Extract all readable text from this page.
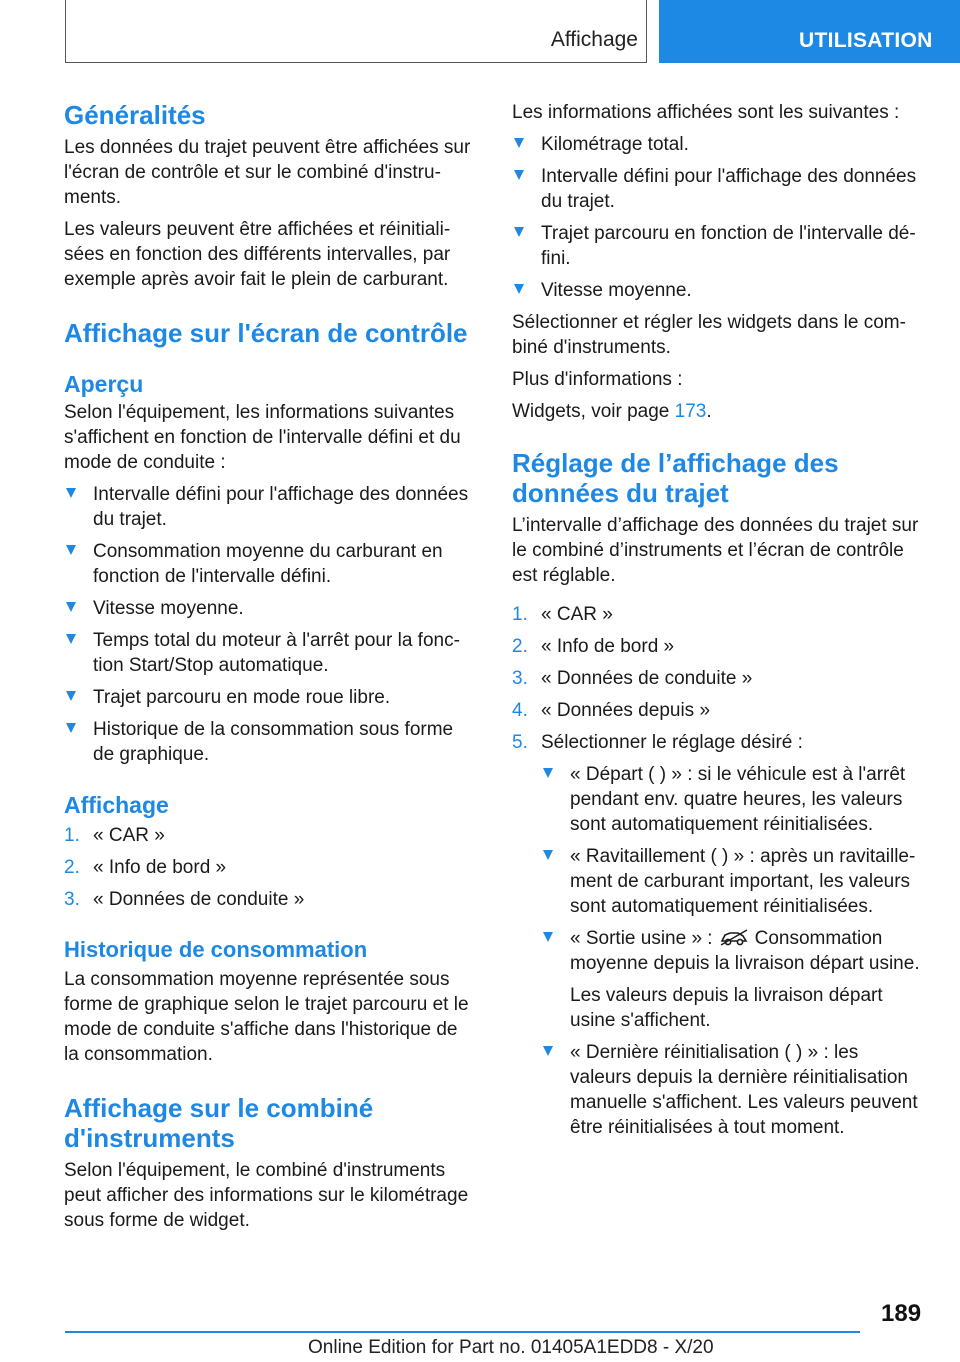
Affichage	UTILISATION
Généralités

Les données du trajet peuvent être affichées sur l'écran de contrôle et sur le combiné d'instruments.

Les valeurs peuvent être affichées et réinitialisées en fonction des différents intervalles, par exemple après avoir fait le plein de carburant.

Affichage sur l'écran de contrôle
Aperçu

Selon l'équipement, les informations suivantes s'affichent en fonction de l'intervalle défini et du mode de conduite :

Intervalle défini pour l'affichage des données du trajet.
Consommation moyenne du carburant en fonction de l'intervalle défini.
Vitesse moyenne.
Temps total du moteur à l'arrêt pour la fonction Start/Stop automatique.
Trajet parcouru en mode roue libre.
Historique de la consommation sous forme de graphique.
Affichage
1. « CAR »
2. « Info de bord »
3. « Données de conduite »
Historique de consommation

La consommation moyenne représentée sous forme de graphique selon le trajet parcouru et le mode de conduite s'affiche dans l'historique de la consommation.

Affichage sur le combiné d'instruments

Selon l'équipement, le combiné d'instruments peut afficher des informations sur le kilométrage sous forme de widget.

Les informations affichées sont les suivantes :

Kilométrage total.
Intervalle défini pour l'affichage des données du trajet.
Trajet parcouru en fonction de l'intervalle défini.
Vitesse moyenne.

Sélectionner et régler les widgets dans le combiné d'instruments.

Plus d'informations :

Widgets, voir page 173.

Réglage de l’affichage des données du trajet

L’intervalle d’affichage des données du trajet sur le combiné d’instruments et l’écran de contrôle est réglable.

1. « CAR »
2. « Info de bord »
3. « Données de conduite »
4. « Données depuis »
5. Sélectionner le réglage désiré :
« Départ ( ) » : si le véhicule est à l'arrêt pendant env. quatre heures, les valeurs sont automatiquement réinitialisées.
« Ravitaillement ( ) » : après un ravitaillement de carburant important, les valeurs sont automatiquement réinitialisées.
« Sortie usine » : Consommation moyenne depuis la livraison départ usine.
Les valeurs depuis la livraison départ usine s'affichent.
« Dernière réinitialisation ( ) » : les valeurs depuis la dernière réinitialisation manuelle s'affichent. Les valeurs peuvent être réinitialisées à tout moment.
189
Online Edition for Part no. 01405A1EDD8 - X/20
